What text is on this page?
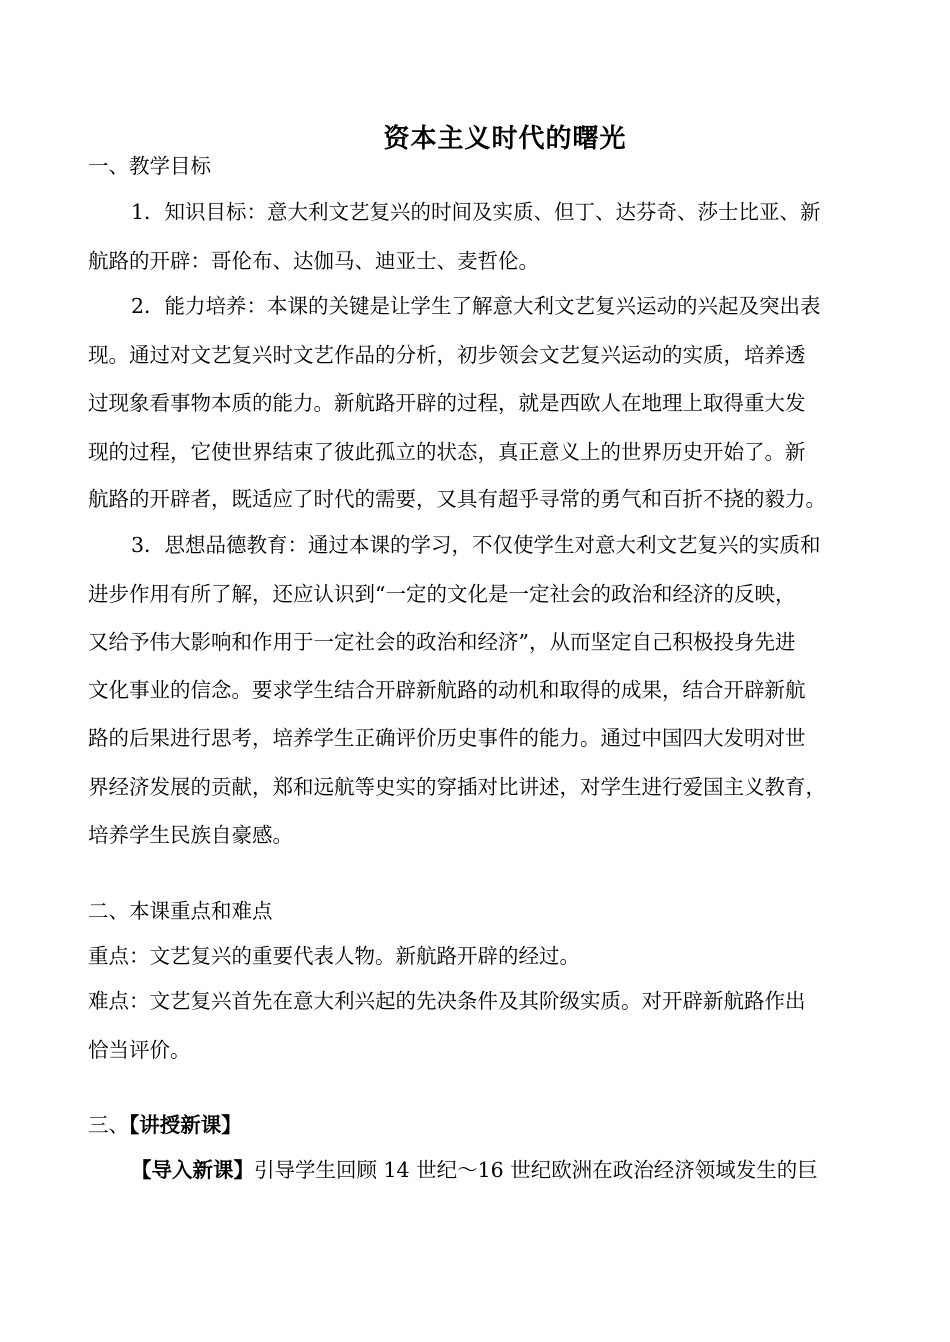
资本主义时代的曙光
一、教学目标
1．知识目标：意大利文艺复兴的时间及实质、但丁、达芬奇、莎士比亚、新
航路的开辟：哥伦布、达伽马、迪亚士、麦哲伦。
2．能力培养：本课的关键是让学生了解意大利文艺复兴运动的兴起及突出表
现。通过对文艺复兴时文艺作品的分析，初步领会文艺复兴运动的实质，培养透
过现象看事物本质的能力。新航路开辟的过程，就是西欧人在地理上取得重大发
现的过程，它使世界结束了彼此孤立的状态，真正意义上的世界历史开始了。新
航路的开辟者，既适应了时代的需要，又具有超乎寻常的勇气和百折不挠的毅力。
3．思想品德教育：通过本课的学习，不仅使学生对意大利文艺复兴的实质和
进步作用有所了解，还应认识到“一定的文化是一定社会的政治和经济的反映，
又给予伟大影响和作用于一定社会的政治和经济”，从而坚定自己积极投身先进
文化事业的信念。要求学生结合开辟新航路的动机和取得的成果，结合开辟新航
路的后果进行思考，培养学生正确评价历史事件的能力。通过中国四大发明对世
界经济发展的贡献，郑和远航等史实的穿插对比讲述，对学生进行爱国主义教育，
培养学生民族自豪感。
二、本课重点和难点
重点：文艺复兴的重要代表人物。新航路开辟的经过。
难点：文艺复兴首先在意大利兴起的先决条件及其阶级实质。对开辟新航路作出
恰当评价。
三、【讲授新课】
【导入新课】引导学生回顾 14 世纪～16 世纪欧洲在政治经济领域发生的巨
